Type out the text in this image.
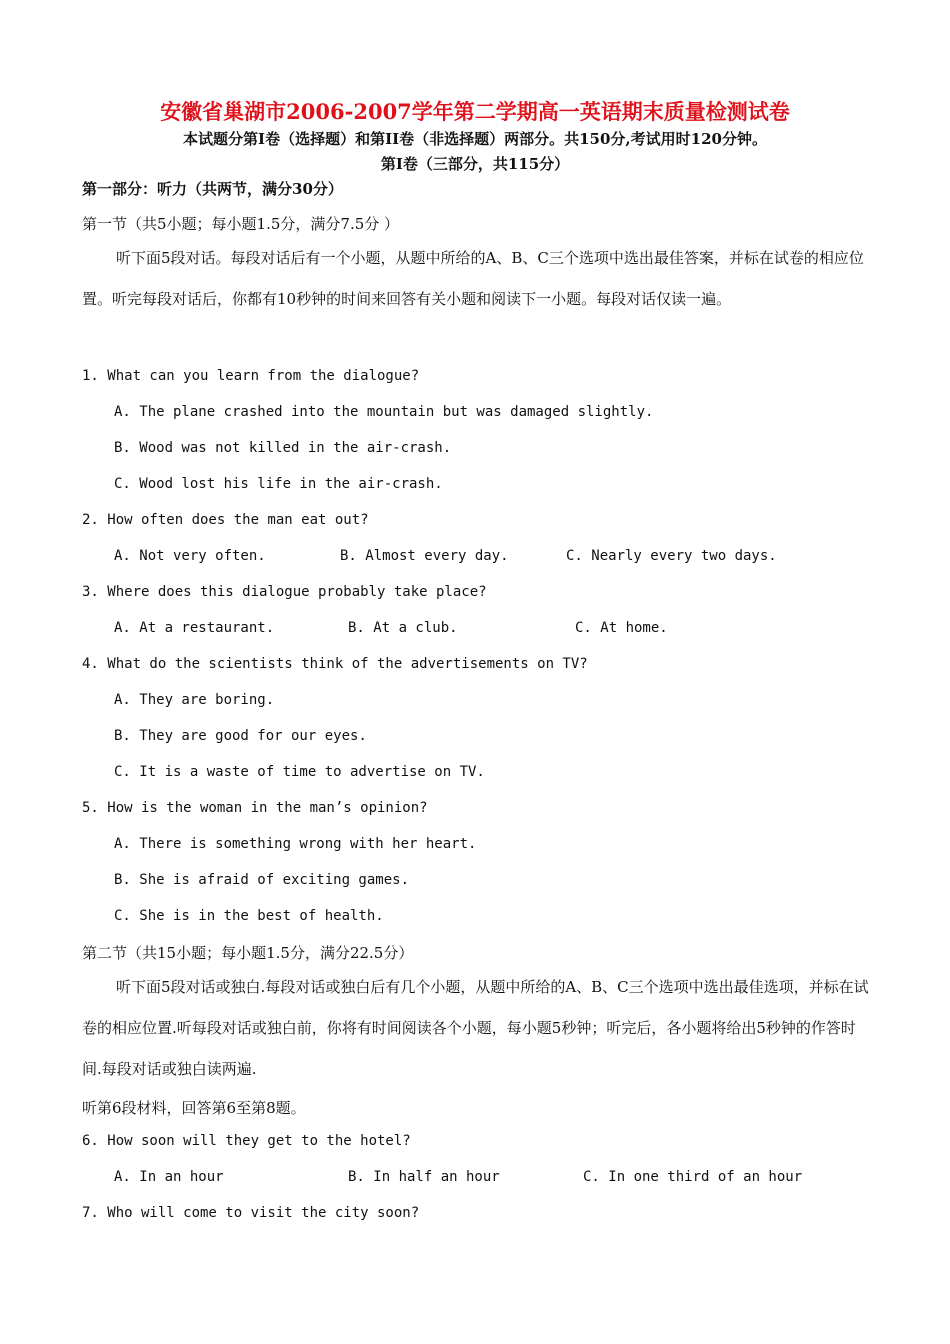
安徽省巢湖市2006-2007学年第二学期高一英语期末质量检测试卷
本试题分第I卷（选择题）和第II卷（非选择题）两部分。共150分,考试用时120分钟。
第I卷（三部分，共115分）
第一部分：听力（共两节，满分30分）
第一节（共5小题；每小题1.5分，满分7.5分 ）
听下面5段对话。每段对话后有一个小题，从题中所给的A、B、C三个选项中选出最佳答案，并标在试卷的相应位置。听完每段对话后，你都有10秒钟的时间来回答有关小题和阅读下一小题。每段对话仅读一遍。
1. What can you learn from the dialogue?
A. The plane crashed into the mountain but was damaged slightly.
B. Wood was not killed in the air-crash.
C. Wood lost his life in the air-crash.
2. How often does the man eat out?
A. Not very often.	B. Almost every day.	C. Nearly every two days.
3. Where does this dialogue probably take place?
A. At a restaurant.	B. At a club.	C. At home.
4. What do the scientists think of the advertisements on TV?
A. They are boring.
B. They are good for our eyes.
C. It is a waste of time to advertise on TV.
5. How is the woman in the man’s opinion?
A. There is something wrong with her heart.
B. She is afraid of exciting games.
C. She is in the best of health.
第二节（共15小题；每小题1.5分，满分22.5分）
听下面5段对话或独白.每段对话或独白后有几个小题，从题中所给的A、B、C三个选项中选出最佳选项，并标在试卷的相应位置.听每段对话或独白前，你将有时间阅读各个小题，每小题5秒钟；听完后，各小题将给出5秒钟的作答时间.每段对话或独白读两遍.
听第6段材料，回答第6至第8题。
6. How soon will they get to the hotel?
A. In an hour	B. In half an hour	C. In one third of an hour
7. Who will come to visit the city soon?
